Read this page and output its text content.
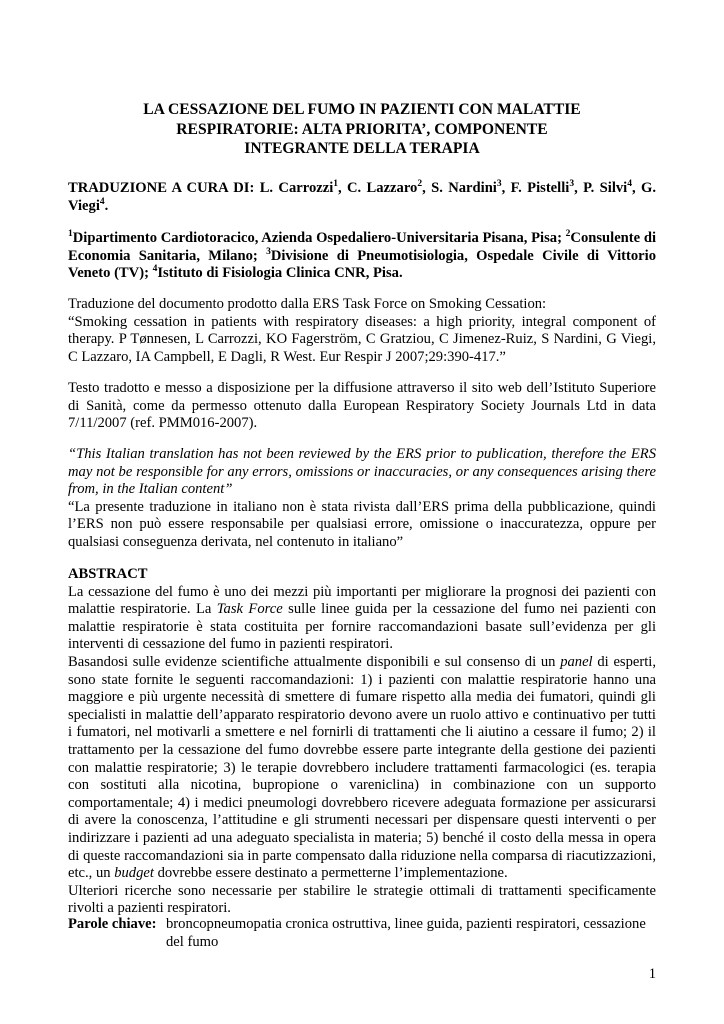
LA CESSAZIONE DEL FUMO IN PAZIENTI CON MALATTIE
RESPIRATORIE: ALTA PRIORITA’, COMPONENTE
INTEGRANTE DELLA TERAPIA

TRADUZIONE A CURA DI: L. Carrozzi$^1$, C. Lazzaro$^2$, S. Nardini$^3$, F. Pistelli$^3$, P. Silvi$^4$, G. Viegi$^4$.

$^1$Dipartimento Cardiotoracico, Azienda Ospedaliero-Universitaria Pisana, Pisa; $^2$Consulente di Economia Sanitaria, Milano; $^3$Divisione di Pneumotisiologia, Ospedale Civile di Vittorio Veneto (TV); $^4$Istituto di Fisiologia Clinica CNR, Pisa.

Traduzione del documento prodotto dalla ERS Task Force on Smoking Cessation:

“Smoking cessation in patients with respiratory diseases: a high priority, integral component of therapy. P Tønnesen, L Carrozzi, KO Fagerström, C Gratziou, C Jimenez-Ruiz, S Nardini, G Viegi, C Lazzaro, IA Campbell, E Dagli, R West. Eur Respir J 2007;29:390-417.”

Testo tradotto e messo a disposizione per la diffusione attraverso il sito web dell’Istituto Superiore di Sanità, come da permesso ottenuto dalla European Respiratory Society Journals Ltd in data 7/11/2007 (ref. PMM016-2007).

“This Italian translation has not been reviewed by the ERS prior to publication, therefore the ERS may not be responsible for any errors, omissions or inaccuracies, or any consequences arising there from, in the Italian content”

“La presente traduzione in italiano non è stata rivista dall’ERS prima della pubblicazione, quindi l’ERS non può essere responsabile per qualsiasi errore, omissione o inaccuratezza, oppure per qualsiasi conseguenza derivata, nel contenuto in italiano”

ABSTRACT

La cessazione del fumo è uno dei mezzi più importanti per migliorare la prognosi dei pazienti con malattie respiratorie. La Task Force sulle linee guida per la cessazione del fumo nei pazienti con malattie respiratorie è stata costituita per fornire raccomandazioni basate sull’evidenza per gli interventi di cessazione del fumo in pazienti respiratori.

Basandosi sulle evidenze scientifiche attualmente disponibili e sul consenso di un panel di esperti, sono state fornite le seguenti raccomandazioni: 1) i pazienti con malattie respiratorie hanno una maggiore e più urgente necessità di smettere di fumare rispetto alla media dei fumatori, quindi gli specialisti in malattie dell’apparato respiratorio devono avere un ruolo attivo e continuativo per tutti i fumatori, nel motivarli a smettere e nel fornirli di trattamenti che li aiutino a cessare il fumo; 2) il trattamento per la cessazione del fumo dovrebbe essere parte integrante della gestione dei pazienti con malattie respiratorie; 3) le terapie dovrebbero includere trattamenti farmacologici (es. terapia con sostituti alla nicotina, bupropione o vareniclina) in combinazione con un supporto comportamentale; 4) i medici pneumologi dovrebbero ricevere adeguata formazione per assicurarsi di avere la conoscenza, l’attitudine e gli strumenti necessari per dispensare questi interventi o per indirizzare i pazienti ad una adeguato specialista in materia; 5) benché il costo della messa in opera di queste raccomandazioni sia in parte compensato dalla riduzione nella comparsa di riacutizzazioni, etc., un budget dovrebbe essere destinato a permetterne l’implementazione.

Ulteriori ricerche sono necessarie per stabilire le strategie ottimali di trattamenti specificamente rivolti a pazienti respiratori.

Parole chiave: broncopneumopatia cronica ostruttiva, linee guida, pazienti respiratori, cessazione del fumo
1
